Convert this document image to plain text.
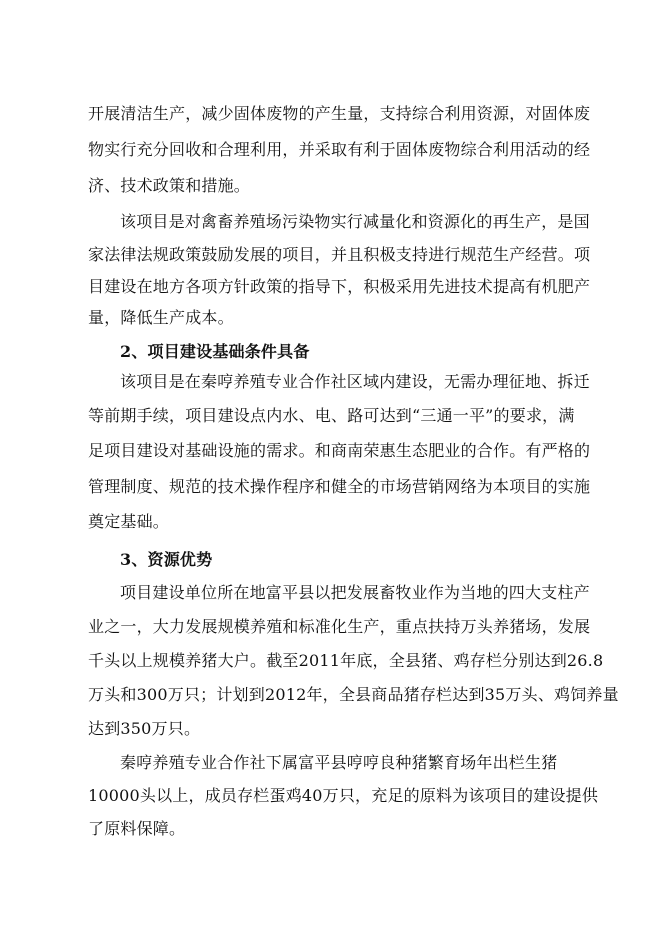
开展清洁生产，减少固体废物的产生量，支持综合利用资源，对固体废
物实行充分回收和合理利用，并采取有利于固体废物综合利用活动的经
济、技术政策和措施。
该项目是对禽畜养殖场污染物实行减量化和资源化的再生产，是国
家法律法规政策鼓励发展的项目，并且积极支持进行规范生产经营。项
目建设在地方各项方针政策的指导下，积极采用先进技术提高有机肥产
量，降低生产成本。
2、项目建设基础条件具备
该项目是在秦哼养殖专业合作社区域内建设，无需办理征地、拆迁
等前期手续，项目建设点内水、电、路可达到“三通一平”的要求，满
足项目建设对基础设施的需求。和商南荣惠生态肥业的合作。有严格的
管理制度、规范的技术操作程序和健全的市场营销网络为本项目的实施
奠定基础。
3、资源优势
项目建设单位所在地富平县以把发展畜牧业作为当地的四大支柱产
业之一，大力发展规模养殖和标准化生产，重点扶持万头养猪场，发展
千头以上规模养猪大户。截至2011年底，全县猪、鸡存栏分别达到26.8
万头和300万只；计划到2012年，全县商品猪存栏达到35万头、鸡饲养量
达到350万只。
秦哼养殖专业合作社下属富平县哼哼良种猪繁育场年出栏生猪
10000头以上，成员存栏蛋鸡40万只，充足的原料为该项目的建设提供
了原料保障。
